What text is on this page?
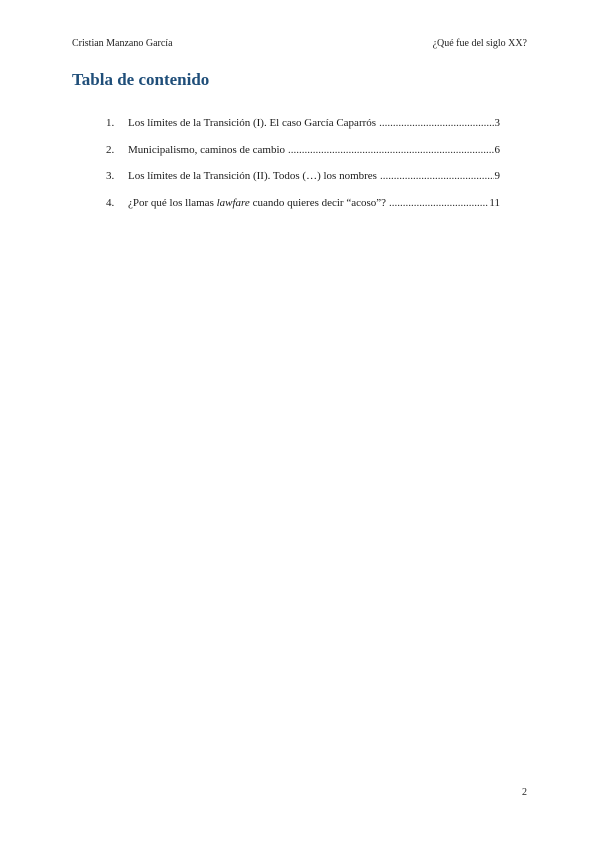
Cristian Manzano García	¿Qué fue del siglo XX?
Tabla de contenido
1.	Los límites de la Transición (I). El caso García Caparrós .....	3
2.	Municipalismo, caminos de cambio .....	6
3.	Los límites de la Transición (II). Todos (…) los nombres .....	9
4.	¿Por qué los llamas lawfare cuando quieres decir “acoso”? .....	11
2
